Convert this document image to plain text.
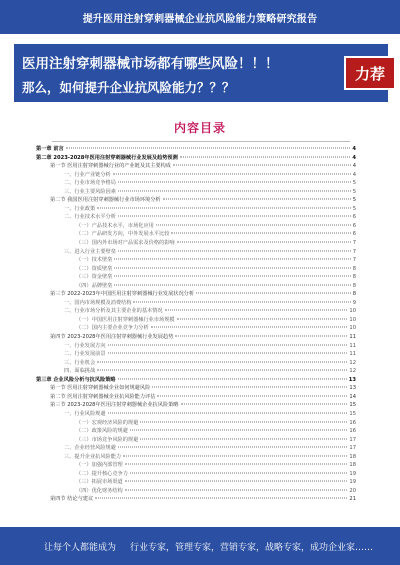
提升医用注射穿刺器械企业抗风险能力策略研究报告
医用注射穿刺器械市场都有哪些风险！！！
那么，如何提升企业抗风险能力？？？
力荐
内容目录
第一章 前言	4
第二章 2023-2028年医用注射穿刺器械行业发展及趋势预测	4
第一节 医用注射穿刺器械行业的产业链及其主要构成	4
一、行业产业链分析	4
二、行业市场竞争格局	5
三、行业主要风险因素	5
第二节 我国医用注射穿刺器械行业市场环境分析	5
一、行业政策	5
二、行业技术水平分析	6
（一）产品技术水平，市场化应用	6
（二）产品研发方向，中外发展水平比较	6
（三）国内外市场对产品需求及价格的影响	7
三、进入行业主要壁垒	7
（一）技术壁垒	7
（二）资质壁垒	8
（三）资金壁垒	8
（四）品牌壁垒	8
第三节 2022-2023年中国医用注射穿刺器械行业发展状况分析	8
一、国内市场规模及消费结构	9
二、行业市场分析及其主要企业的基本情况	10
（一）中国医用注射穿刺器械行业市场规模	10
（二）国内主要企业竞争力分析	10
第四节 2023-2028年医用注射穿刺器械行业发展趋势	11
一、行业发展方向	11
二、行业发展前景	11
三、行业机会	12
四、面临挑战	12
第三章 企业风险分析与抗风险策略	13
第一节 医用注射穿刺器械企业如何规避风险	13
第二节 医用注射穿刺器械企业抗风险能力评估	14
第三节 2023-2028年医用注射穿刺器械企业抗风险策略	15
一、行业风险规避	15
（一）宏观经济风险的规避	16
（二）政策风险的规避	16
（三）市场竞争风险的规避	17
二、企业经营风险规避	17
三、提升企业抗风险能力	18
（一）加强内部管理	18
（二）提升核心竞争力	19
（三）拓展市场渠道	19
（四）优化财务结构	20
第四节 结论与建议	21
让每个人都能成为 行业专家，管理专家，营销专家，战略专家，成功企业家……
